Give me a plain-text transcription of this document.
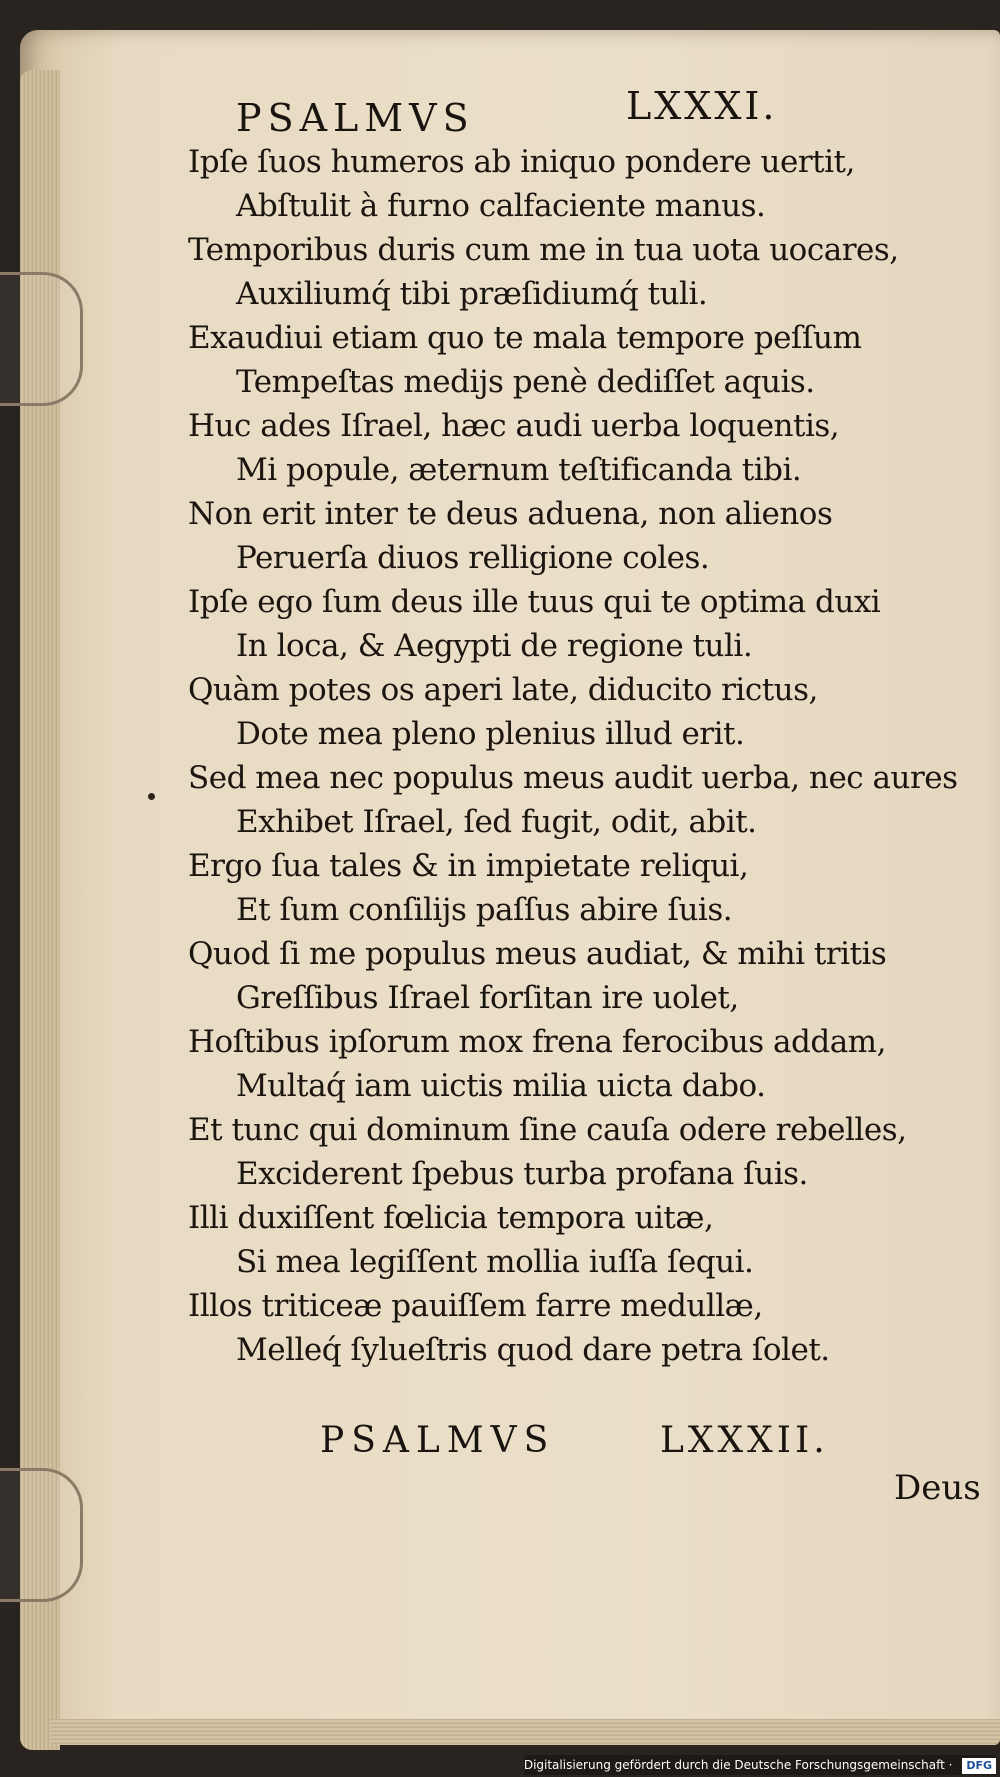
PSALMVS	LXXXI.
Ipſe ſuos humeros ab iniquo pondere uertit,
Abſtulit à furno calfaciente manus.
Temporibus duris cum me in tua uota uocares,
Auxiliumq́ tibi præſidiumq́ tuli.
Exaudiui etiam quo te mala tempore peſſum
Tempeſtas medijs penè dediſſet aquis.
Huc ades Iſrael, hæc audi uerba loquentis,
Mi popule, æternum teſtificanda tibi.
Non erit inter te deus aduena, non alienos
Peruerſa diuos relligione coles.
Ipſe ego ſum deus ille tuus qui te optima duxi
In loca, & Aegypti de regione tuli.
Quàm potes os aperi late, diducito rictus,
Dote mea pleno plenius illud erit.
Sed mea nec populus meus audit uerba, nec aures
Exhibet Iſrael, ſed fugit, odit, abit.
Ergo ſua tales & in impietate reliqui,
Et ſum conſilijs paſſus abire ſuis.
Quod ſi me populus meus audiat, & mihi tritis
Greſſibus Iſrael forſitan ire uolet,
Hoſtibus ipſorum mox frena ferocibus addam,
Multaq́ iam uictis milia uicta dabo.
Et tunc qui dominum ſine cauſa odere rebelles,
Exciderent ſpebus turba profana ſuis.
Illi duxiſſent fœlicia tempora uitæ,
Si mea legiſſent mollia iuſſa ſequi.
Illos triticeæ pauiſſem farre medullæ,
Melleq́ ſylueſtris quod dare petra ſolet.
PSALMVS	LXXXII.
Deus
Digitalisierung gefördert durch die Deutsche Forschungsgemeinschaft · DFG
